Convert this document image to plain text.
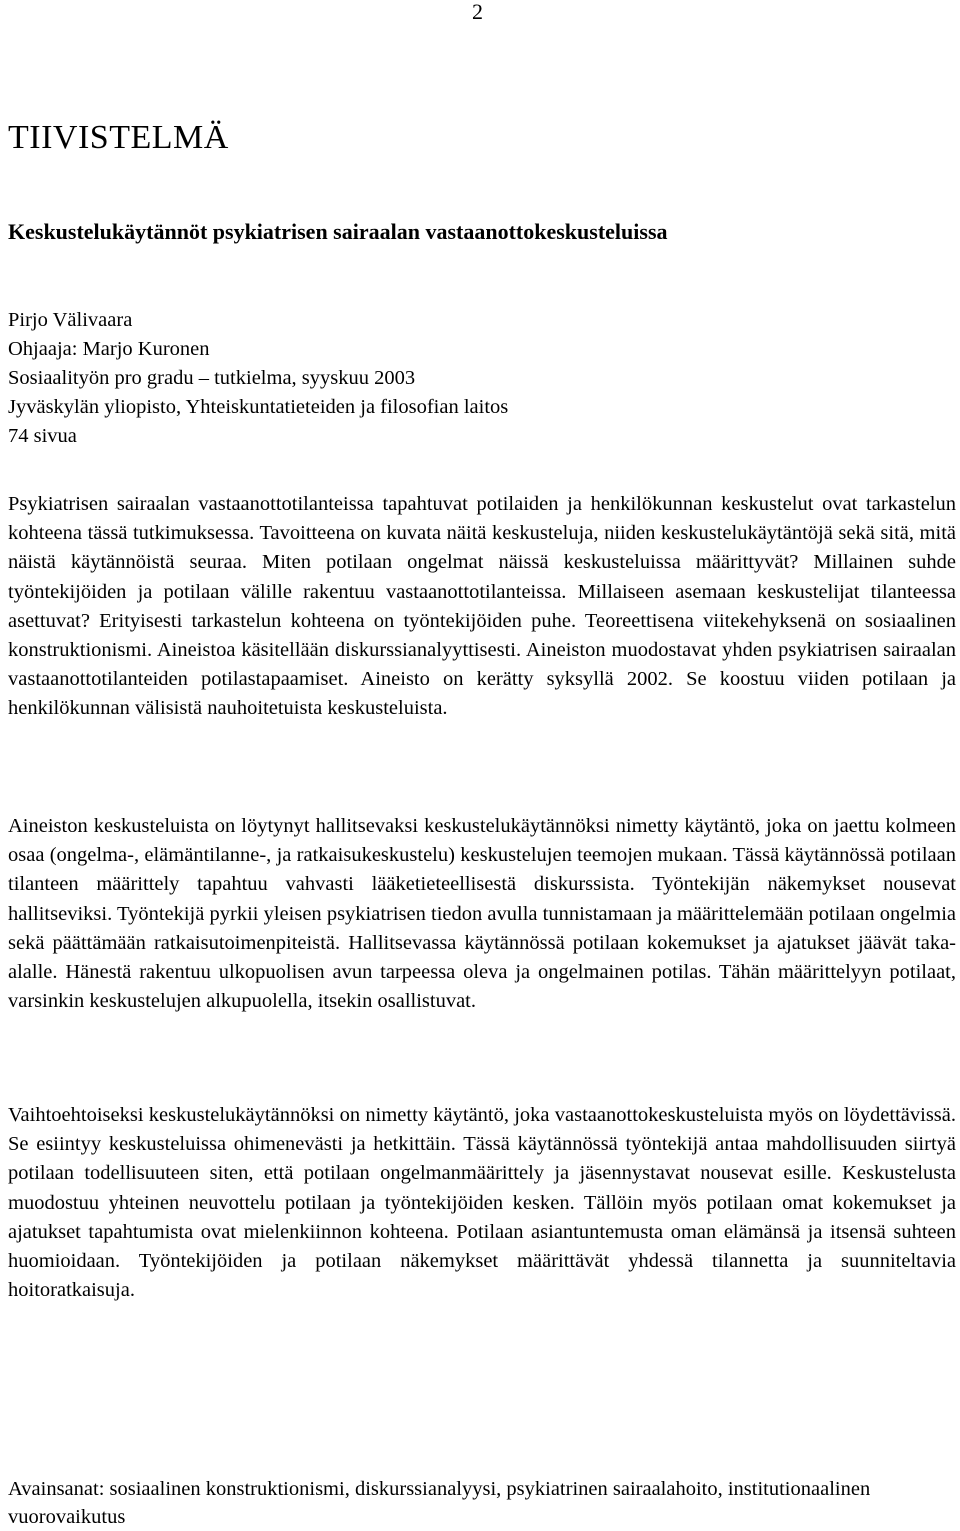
2
TIIVISTELMÄ
Keskustelukäytännöt psykiatrisen sairaalan vastaanottokeskusteluissa
Pirjo Välivaara
Ohjaaja: Marjo Kuronen
Sosiaalityön pro gradu – tutkielma, syyskuu 2003
Jyväskylän yliopisto, Yhteiskuntatieteiden ja filosofian laitos
74 sivua

Psykiatrisen sairaalan vastaanottotilanteissa tapahtuvat potilaiden ja henkilökunnan keskustelut ovat tarkastelun kohteena tässä tutkimuksessa. Tavoitteena on kuvata näitä keskusteluja, niiden keskustelukäytäntöjä sekä sitä, mitä näistä käytännöistä seuraa. Miten potilaan ongelmat näissä keskusteluissa määrittyvät? Millainen suhde työntekijöiden ja potilaan välille rakentuu vastaanottotilanteissa. Millaiseen asemaan keskustelijat tilanteessa asettuvat? Erityisesti tarkastelun kohteena on työntekijöiden puhe. Teoreettisena viitekehyksenä on sosiaalinen konstruktionismi. Aineistoa käsitellään diskurssianalyyttisesti. Aineiston muodostavat yhden psykiatrisen sairaalan vastaanottotilanteiden potilastapaamiset. Aineisto on kerätty syksyllä 2002. Se koostuu viiden potilaan ja henkilökunnan välisistä nauhoitetuista keskusteluista.

Aineiston keskusteluista on löytynyt hallitsevaksi keskustelukäytännöksi nimetty käytäntö, joka on jaettu kolmeen osaa (ongelma-, elämäntilanne-, ja ratkaisukeskustelu) keskustelujen teemojen mukaan. Tässä käytännössä potilaan tilanteen määrittely tapahtuu vahvasti lääketieteellisestä diskurssista. Työntekijän näkemykset nousevat hallitseviksi. Työntekijä pyrkii yleisen psykiatrisen tiedon avulla tunnistamaan ja määrittelemään potilaan ongelmia sekä päättämään ratkaisutoimenpiteistä. Hallitsevassa käytännössä potilaan kokemukset ja ajatukset jäävät taka-alalle. Hänestä rakentuu ulkopuolisen avun tarpeessa oleva ja ongelmainen potilas. Tähän määrittelyyn potilaat, varsinkin keskustelujen alkupuolella, itsekin osallistuvat.

Vaihtoehtoiseksi keskustelukäytännöksi on nimetty käytäntö, joka vastaanottokeskusteluista myös on löydettävissä. Se esiintyy keskusteluissa ohimenevästi ja hetkittäin. Tässä käytännössä työntekijä antaa mahdollisuuden siirtyä potilaan todellisuuteen siten, että potilaan ongelmanmäärittely ja jäsennystavat nousevat esille. Keskustelusta muodostuu yhteinen neuvottelu potilaan ja työntekijöiden kesken. Tällöin myös potilaan omat kokemukset ja ajatukset tapahtumista ovat mielenkiinnon kohteena. Potilaan asiantuntemusta oman elämänsä ja itsensä suhteen huomioidaan. Työntekijöiden ja potilaan näkemykset määrittävät yhdessä tilannetta ja suunniteltavia hoitoratkaisuja.

Avainsanat: sosiaalinen konstruktionismi, diskurssianalyysi, psykiatrinen sairaalahoito, institutionaalinen vuorovaikutus
